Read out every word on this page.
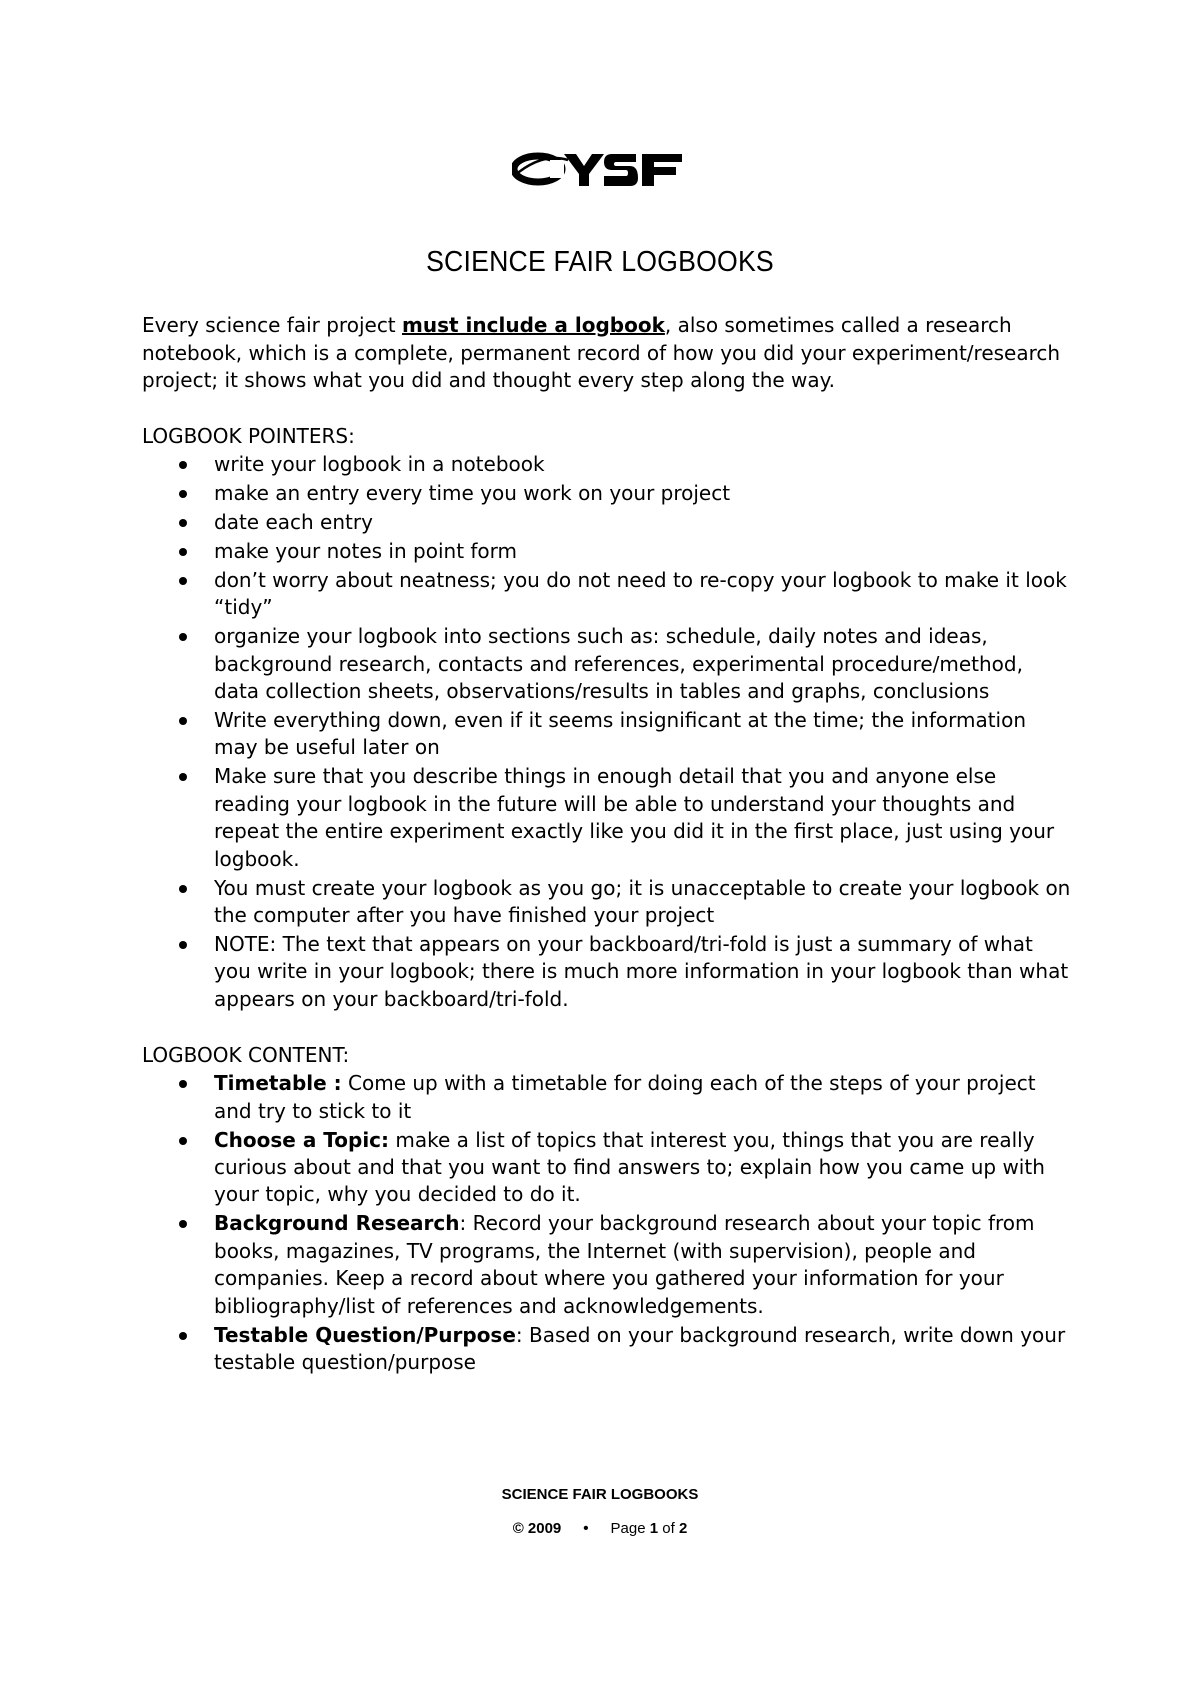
SCIENCE FAIR LOGBOOKS

Every science fair project must include a logbook, also sometimes called a research notebook, which is a complete, permanent record of how you did your experiment/research project; it shows what you did and thought every step along the way.

LOGBOOK POINTERS:
write your logbook in a notebook
make an entry every time you work on your project
date each entry
make your notes in point form
don’t worry about neatness; you do not need to re-copy your logbook to make it look “tidy”
organize your logbook into sections such as: schedule, daily notes and ideas, background research, contacts and references, experimental procedure/method, data collection sheets, observations/results in tables and graphs, conclusions
Write everything down, even if it seems insignificant at the time; the information may be useful later on
Make sure that you describe things in enough detail that you and anyone else reading your logbook in the future will be able to understand your thoughts and repeat the entire experiment exactly like you did it in the first place, just using your logbook.
You must create your logbook as you go; it is unacceptable to create your logbook on the computer after you have finished your project
NOTE: The text that appears on your backboard/tri-fold is just a summary of what you write in your logbook; there is much more information in your logbook than what appears on your backboard/tri-fold.
LOGBOOK CONTENT:
Timetable : Come up with a timetable for doing each of the steps of your project and try to stick to it
Choose a Topic: make a list of topics that interest you, things that you are really curious about and that you want to find answers to; explain how you came up with your topic, why you decided to do it.
Background Research: Record your background research about your topic from books, magazines, TV programs, the Internet (with supervision), people and companies. Keep a record about where you gathered your information for your bibliography/list of references and acknowledgements.
Testable Question/Purpose: Based on your background research, write down your testable question/purpose
SCIENCE FAIR LOGBOOKS
© 2009 • Page 1 of 2
